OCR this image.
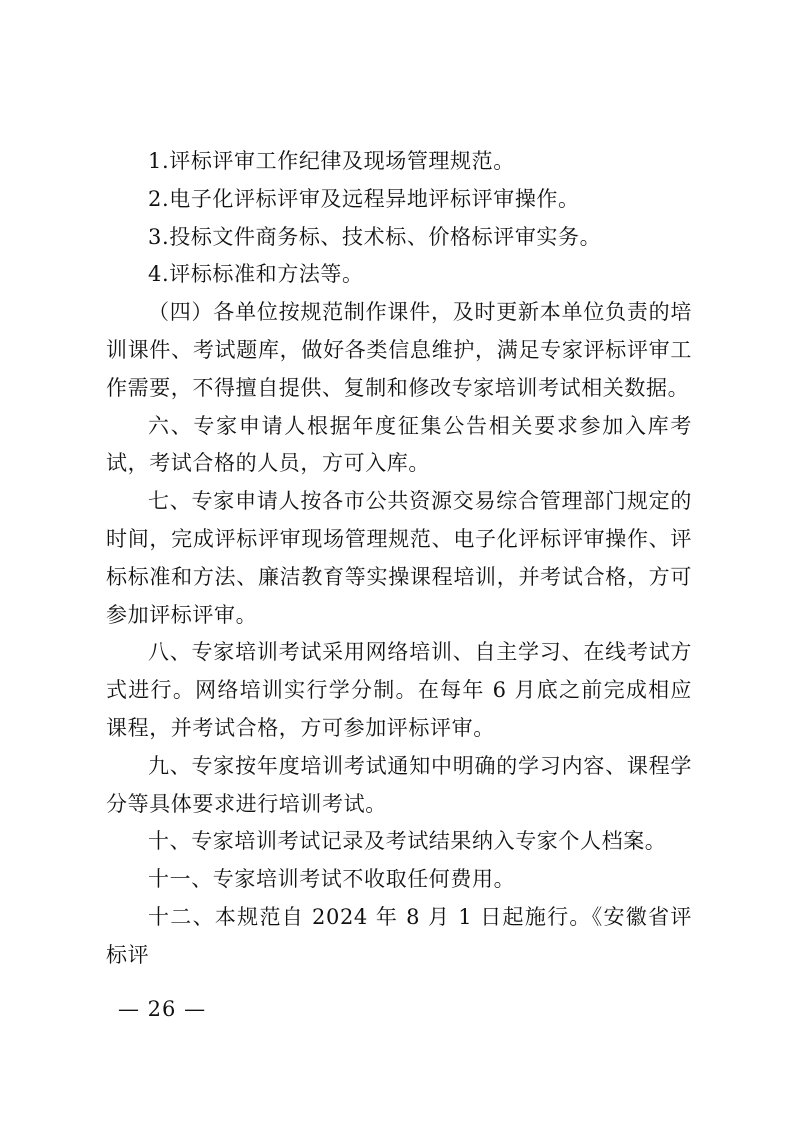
1.评标评审工作纪律及现场管理规范。

2.电子化评标评审及远程异地评标评审操作。

3.投标文件商务标、技术标、价格标评审实务。

4.评标标准和方法等。

（四）各单位按规范制作课件，及时更新本单位负责的培训课件、考试题库，做好各类信息维护，满足专家评标评审工作需要，不得擅自提供、复制和修改专家培训考试相关数据。

六、专家申请人根据年度征集公告相关要求参加入库考试，考试合格的人员，方可入库。

七、专家申请人按各市公共资源交易综合管理部门规定的时间，完成评标评审现场管理规范、电子化评标评审操作、评标标准和方法、廉洁教育等实操课程培训，并考试合格，方可参加评标评审。

八、专家培训考试采用网络培训、自主学习、在线考试方式进行。网络培训实行学分制。在每年 6 月底之前完成相应课程，并考试合格，方可参加评标评审。

九、专家按年度培训考试通知中明确的学习内容、课程学分等具体要求进行培训考试。

十、专家培训考试记录及考试结果纳入专家个人档案。

十一、专家培训考试不收取任何费用。

十二、本规范自 2024 年 8 月 1 日起施行。《安徽省评标评

— 26 —
